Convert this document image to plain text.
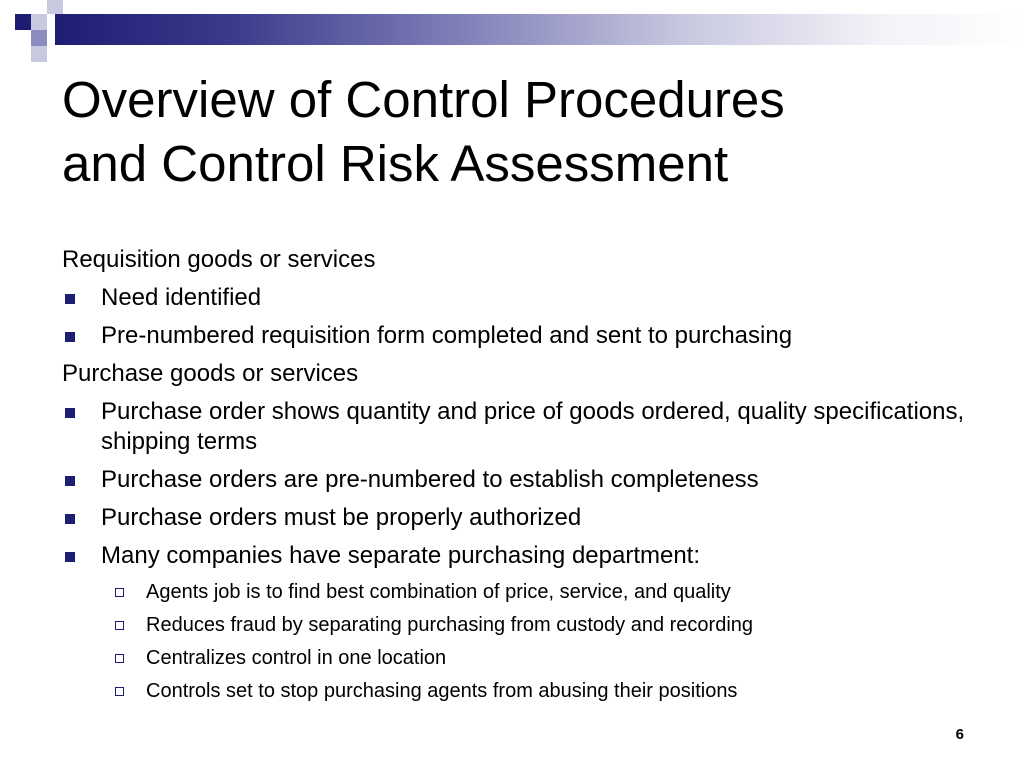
Overview of Control Procedures
and Control Risk Assessment
Requisition goods or services
Need identified
Pre-numbered requisition form completed and sent to purchasing
Purchase goods or services
Purchase order shows quantity and price of goods ordered, quality specifications, shipping terms
Purchase orders are pre-numbered to establish completeness
Purchase orders must be properly authorized
Many companies have separate purchasing department:
Agents job is to find best combination of price, service, and quality
Reduces fraud by separating purchasing from custody and recording
Centralizes control in one location
Controls set to stop purchasing agents from abusing their positions
6
